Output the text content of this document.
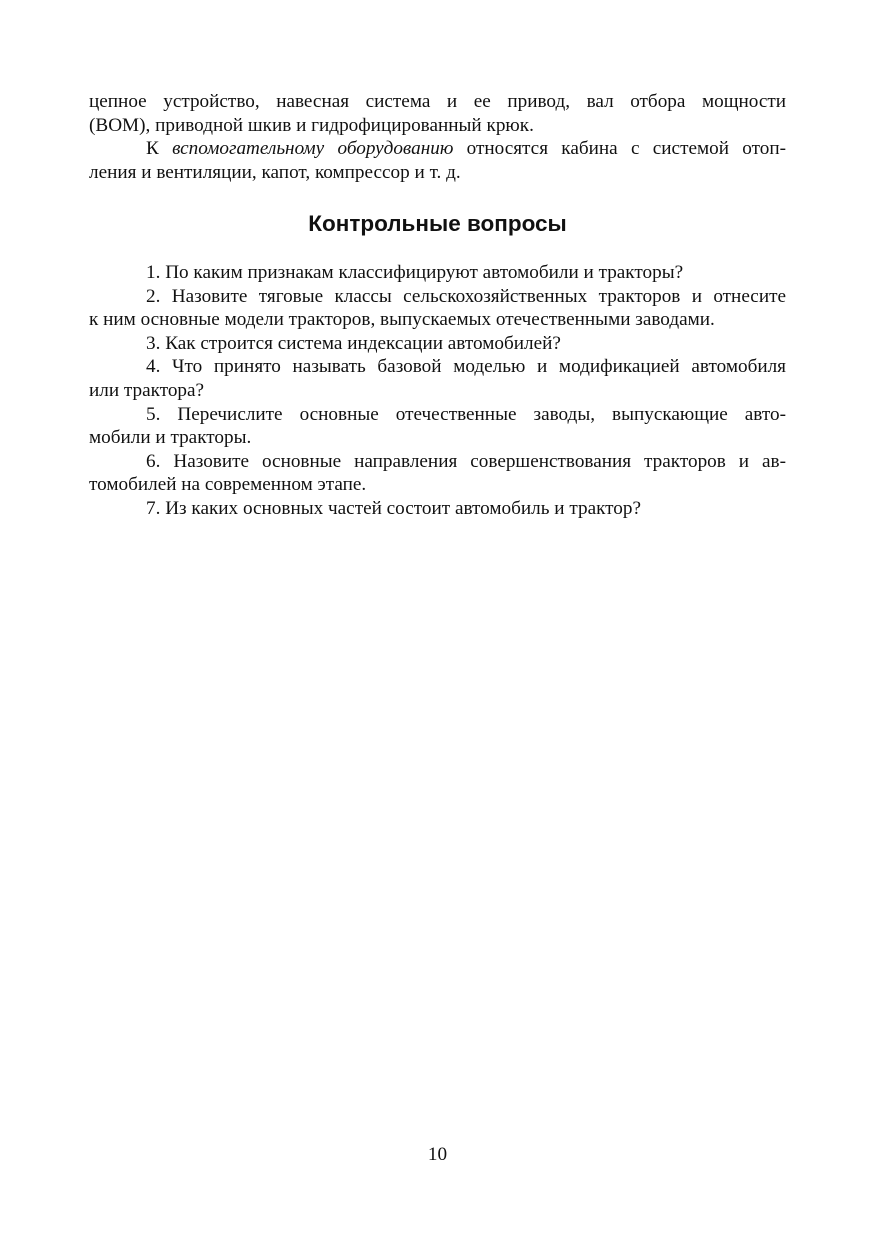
цепное устройство, навесная система и ее привод, вал отбора мощности
(ВОМ), приводной шкив и гидрофицированный крюк.

К вспомогательному оборудованию относятся кабина с системой отоп-
ления и вентиляции, капот, компрессор и т. д.

Контрольные вопросы

1. По каким признакам классифицируют автомобили и тракторы?

2. Назовите тяговые классы сельскохозяйственных тракторов и отнесите
к ним основные модели тракторов, выпускаемых отечественными заводами.

3. Как строится система индексации автомобилей?

4. Что принято называть базовой моделью и модификацией автомобиля
или трактора?

5. Перечислите основные отечественные заводы, выпускающие авто-
мобили и тракторы.

6. Назовите основные направления совершенствования тракторов и ав-
томобилей на современном этапе.

7. Из каких основных частей состоит автомобиль и трактор?

10
